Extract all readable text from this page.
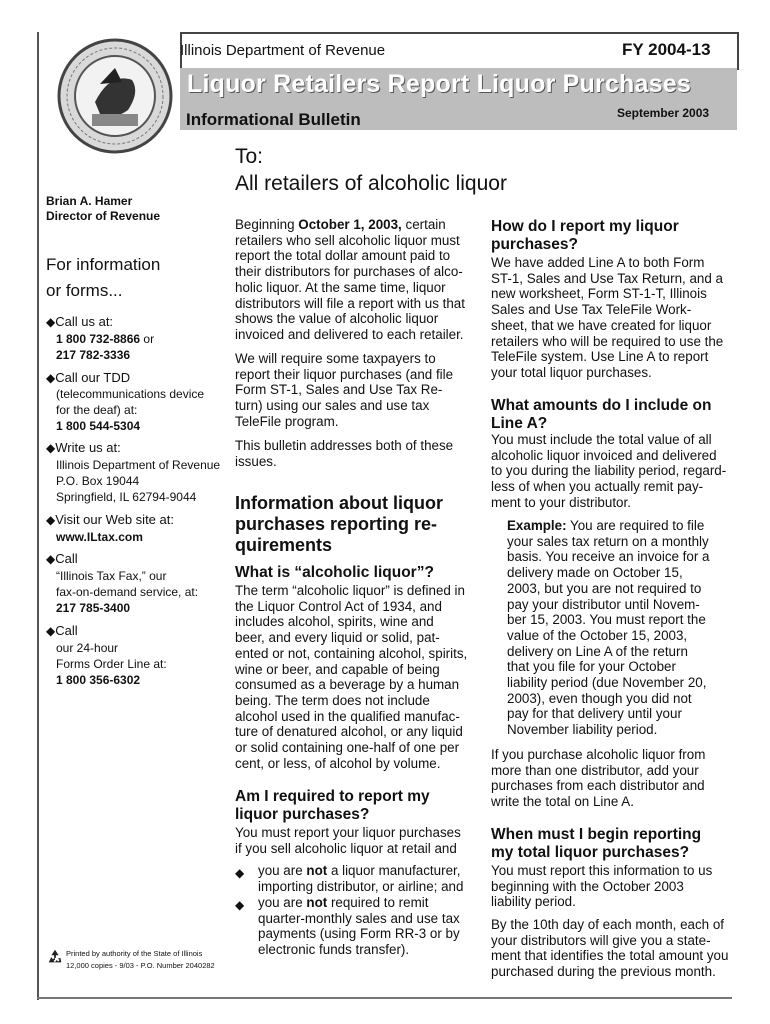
Illinois Department of Revenue	FY 2004-13
Liquor Retailers Report Liquor Purchases
Informational Bulletin	September 2003
To:
All retailers of alcoholic liquor
Brian A. Hamer
Director of Revenue
For information
or forms...
◆Call us at:
1 800 732-8866 or
217 782-3336
◆Call our TDD
(telecommunications device
for the deaf) at:
1 800 544-5304
◆Write us at:
Illinois Department of Revenue
P.O. Box 19044
Springfield, IL 62794-9044
◆Visit our Web site at:
www.ILtax.com
◆Call
“Illinois Tax Fax,” our
fax-on-demand service, at:
217 785-3400
◆Call
our 24-hour
Forms Order Line at:
1 800 356-6302
Printed by authority of the State of Illinois
12,000 copies - 9/03 - P.O. Number 2040282
Beginning October 1, 2003, certain
retailers who sell alcoholic liquor must
report the total dollar amount paid to
their distributors for purchases of alco-
holic liquor. At the same time, liquor
distributors will file a report with us that
shows the value of alcoholic liquor
invoiced and delivered to each retailer.
We will require some taxpayers to
report their liquor purchases (and file
Form ST-1, Sales and Use Tax Re-
turn) using our sales and use tax
TeleFile program.
This bulletin addresses both of these
issues.
Information about liquor
purchases reporting re-
quirements
What is “alcoholic liquor”?
The term “alcoholic liquor” is defined in
the Liquor Control Act of 1934, and
includes alcohol, spirits, wine and
beer, and every liquid or solid, pat-
ented or not, containing alcohol, spirits,
wine or beer, and capable of being
consumed as a beverage by a human
being. The term does not include
alcohol used in the qualified manufac-
ture of denatured alcohol, or any liquid
or solid containing one-half of one per
cent, or less, of alcohol by volume.
Am I required to report my
liquor purchases?
You must report your liquor purchases
if you sell alcoholic liquor at retail and
◆ you are not a liquor manufacturer,
importing distributor, or airline; and
◆ you are not required to remit
quarter-monthly sales and use tax
payments (using Form RR-3 or by
electronic funds transfer).
How do I report my liquor
purchases?
We have added Line A to both Form
ST-1, Sales and Use Tax Return, and a
new worksheet, Form ST-1-T, Illinois
Sales and Use Tax TeleFile Work-
sheet, that we have created for liquor
retailers who will be required to use the
TeleFile system. Use Line A to report
your total liquor purchases.
What amounts do I include on
Line A?
You must include the total value of all
alcoholic liquor invoiced and delivered
to you during the liability period, regard-
less of when you actually remit pay-
ment to your distributor.
Example: You are required to file
your sales tax return on a monthly
basis. You receive an invoice for a
delivery made on October 15,
2003, but you are not required to
pay your distributor until Novem-
ber 15, 2003. You must report the
value of the October 15, 2003,
delivery on Line A of the return
that you file for your October
liability period (due November 20,
2003), even though you did not
pay for that delivery until your
November liability period.
If you purchase alcoholic liquor from
more than one distributor, add your
purchases from each distributor and
write the total on Line A.
When must I begin reporting
my total liquor purchases?
You must report this information to us
beginning with the October 2003
liability period.
By the 10th day of each month, each of
your distributors will give you a state-
ment that identifies the total amount you
purchased during the previous month.
